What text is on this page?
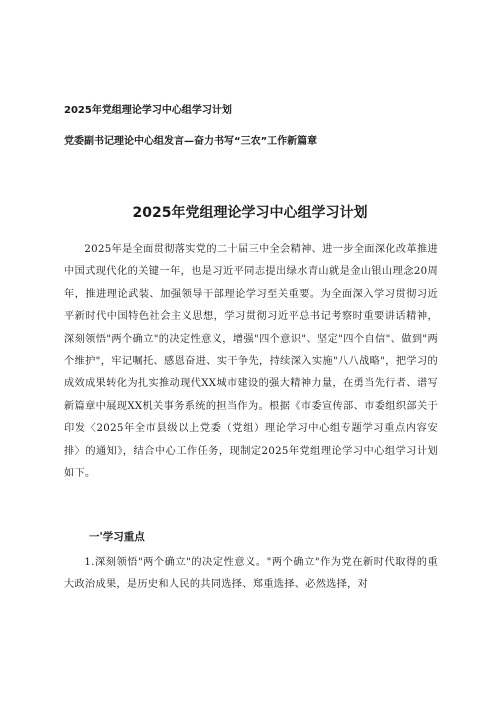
2025年党组理论学习中心组学习计划
党委副书记理论中心组发言—奋力书写“三农”工作新篇章
2025年党组理论学习中心组学习计划

2025年是全面贯彻落实党的二十届三中全会精神、进一步全面深化改革推进中国式现代化的关键一年，也是习近平同志提出绿水青山就是金山银山理念20周年，推进理论武装、加强领导干部理论学习至关重要。为全面深入学习贯彻习近平新时代中国特色社会主义思想，学习贯彻习近平总书记考察时重要讲话精神，深刻领悟"两个确立"的决定性意义，增强"四个意识"、坚定"四个自信"、做到"两个维护"，牢记嘱托、感恩奋进、实干争先，持续深入实施"八八战略"，把学习的成效成果转化为扎实推动现代XX城市建设的强大精神力量，在勇当先行者、谱写新篇章中展现XX机关事务系统的担当作为。根据《市委宣传部、市委组织部关于印发〈2025年全市县级以上党委（党组）理论学习中心组专题学习重点内容安排〉的通知》，结合中心工作任务，现制定2025年党组理论学习中心组学习计划如下。

一'学习重点

1.深刻领悟"两个确立"的决定性意义。"两个确立"作为党在新时代取得的重大政治成果，是历史和人民的共同选择、郑重选择、必然选择，对
